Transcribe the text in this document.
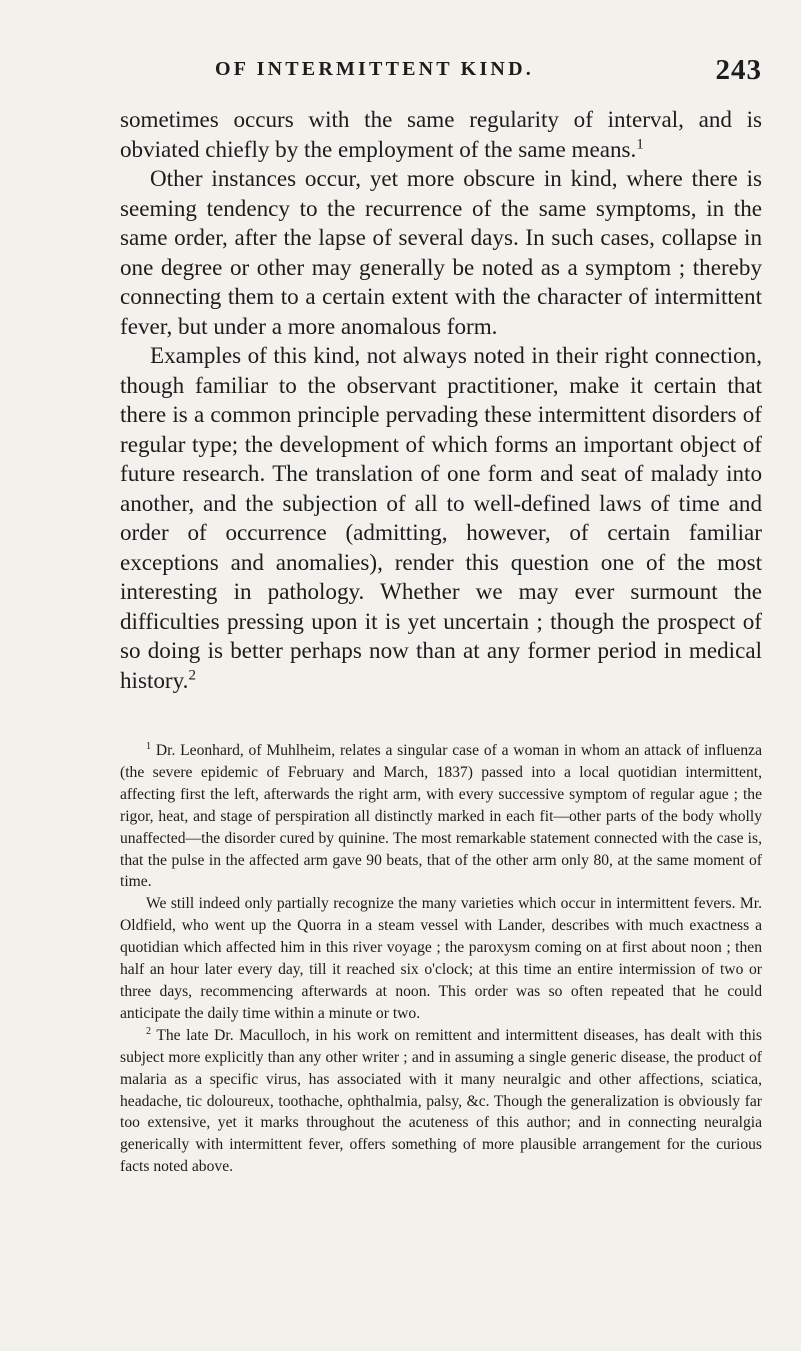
OF INTERMITTENT KIND.	243

sometimes occurs with the same regularity of interval, and is obviated chiefly by the employment of the same means.$^1$

Other instances occur, yet more obscure in kind, where there is seeming tendency to the recurrence of the same symptoms, in the same order, after the lapse of several days. In such cases, collapse in one degree or other may generally be noted as a symptom ; thereby connecting them to a certain extent with the character of intermittent fever, but under a more anomalous form.

Examples of this kind, not always noted in their right connection, though familiar to the observant practitioner, make it certain that there is a common principle pervading these intermittent disorders of regular type; the development of which forms an important object of future research. The translation of one form and seat of malady into another, and the subjection of all to well-defined laws of time and order of occurrence (admitting, however, of certain familiar exceptions and anomalies), render this question one of the most interesting in pathology. Whether we may ever surmount the difficulties pressing upon it is yet uncertain ; though the prospect of so doing is better perhaps now than at any former period in medical history.$^2$

$^1$ Dr. Leonhard, of Muhlheim, relates a singular case of a woman in whom an attack of influenza (the severe epidemic of February and March, 1837) passed into a local quotidian intermittent, affecting first the left, afterwards the right arm, with every successive symptom of regular ague ; the rigor, heat, and stage of perspiration all distinctly marked in each fit—other parts of the body wholly unaffected—the disorder cured by quinine. The most remarkable statement connected with the case is, that the pulse in the affected arm gave 90 beats, that of the other arm only 80, at the same moment of time.

We still indeed only partially recognize the many varieties which occur in intermittent fevers. Mr. Oldfield, who went up the Quorra in a steam vessel with Lander, describes with much exactness a quotidian which affected him in this river voyage ; the paroxysm coming on at first about noon ; then half an hour later every day, till it reached six o'clock; at this time an entire intermission of two or three days, recommencing afterwards at noon. This order was so often repeated that he could anticipate the daily time within a minute or two.

$^2$ The late Dr. Maculloch, in his work on remittent and intermittent diseases, has dealt with this subject more explicitly than any other writer ; and in assuming a single generic disease, the product of malaria as a specific virus, has associated with it many neuralgic and other affections, sciatica, headache, tic doloureux, toothache, ophthalmia, palsy, &c. Though the generalization is obviously far too extensive, yet it marks throughout the acuteness of this author; and in connecting neuralgia generically with intermittent fever, offers something of more plausible arrangement for the curious facts noted above.
